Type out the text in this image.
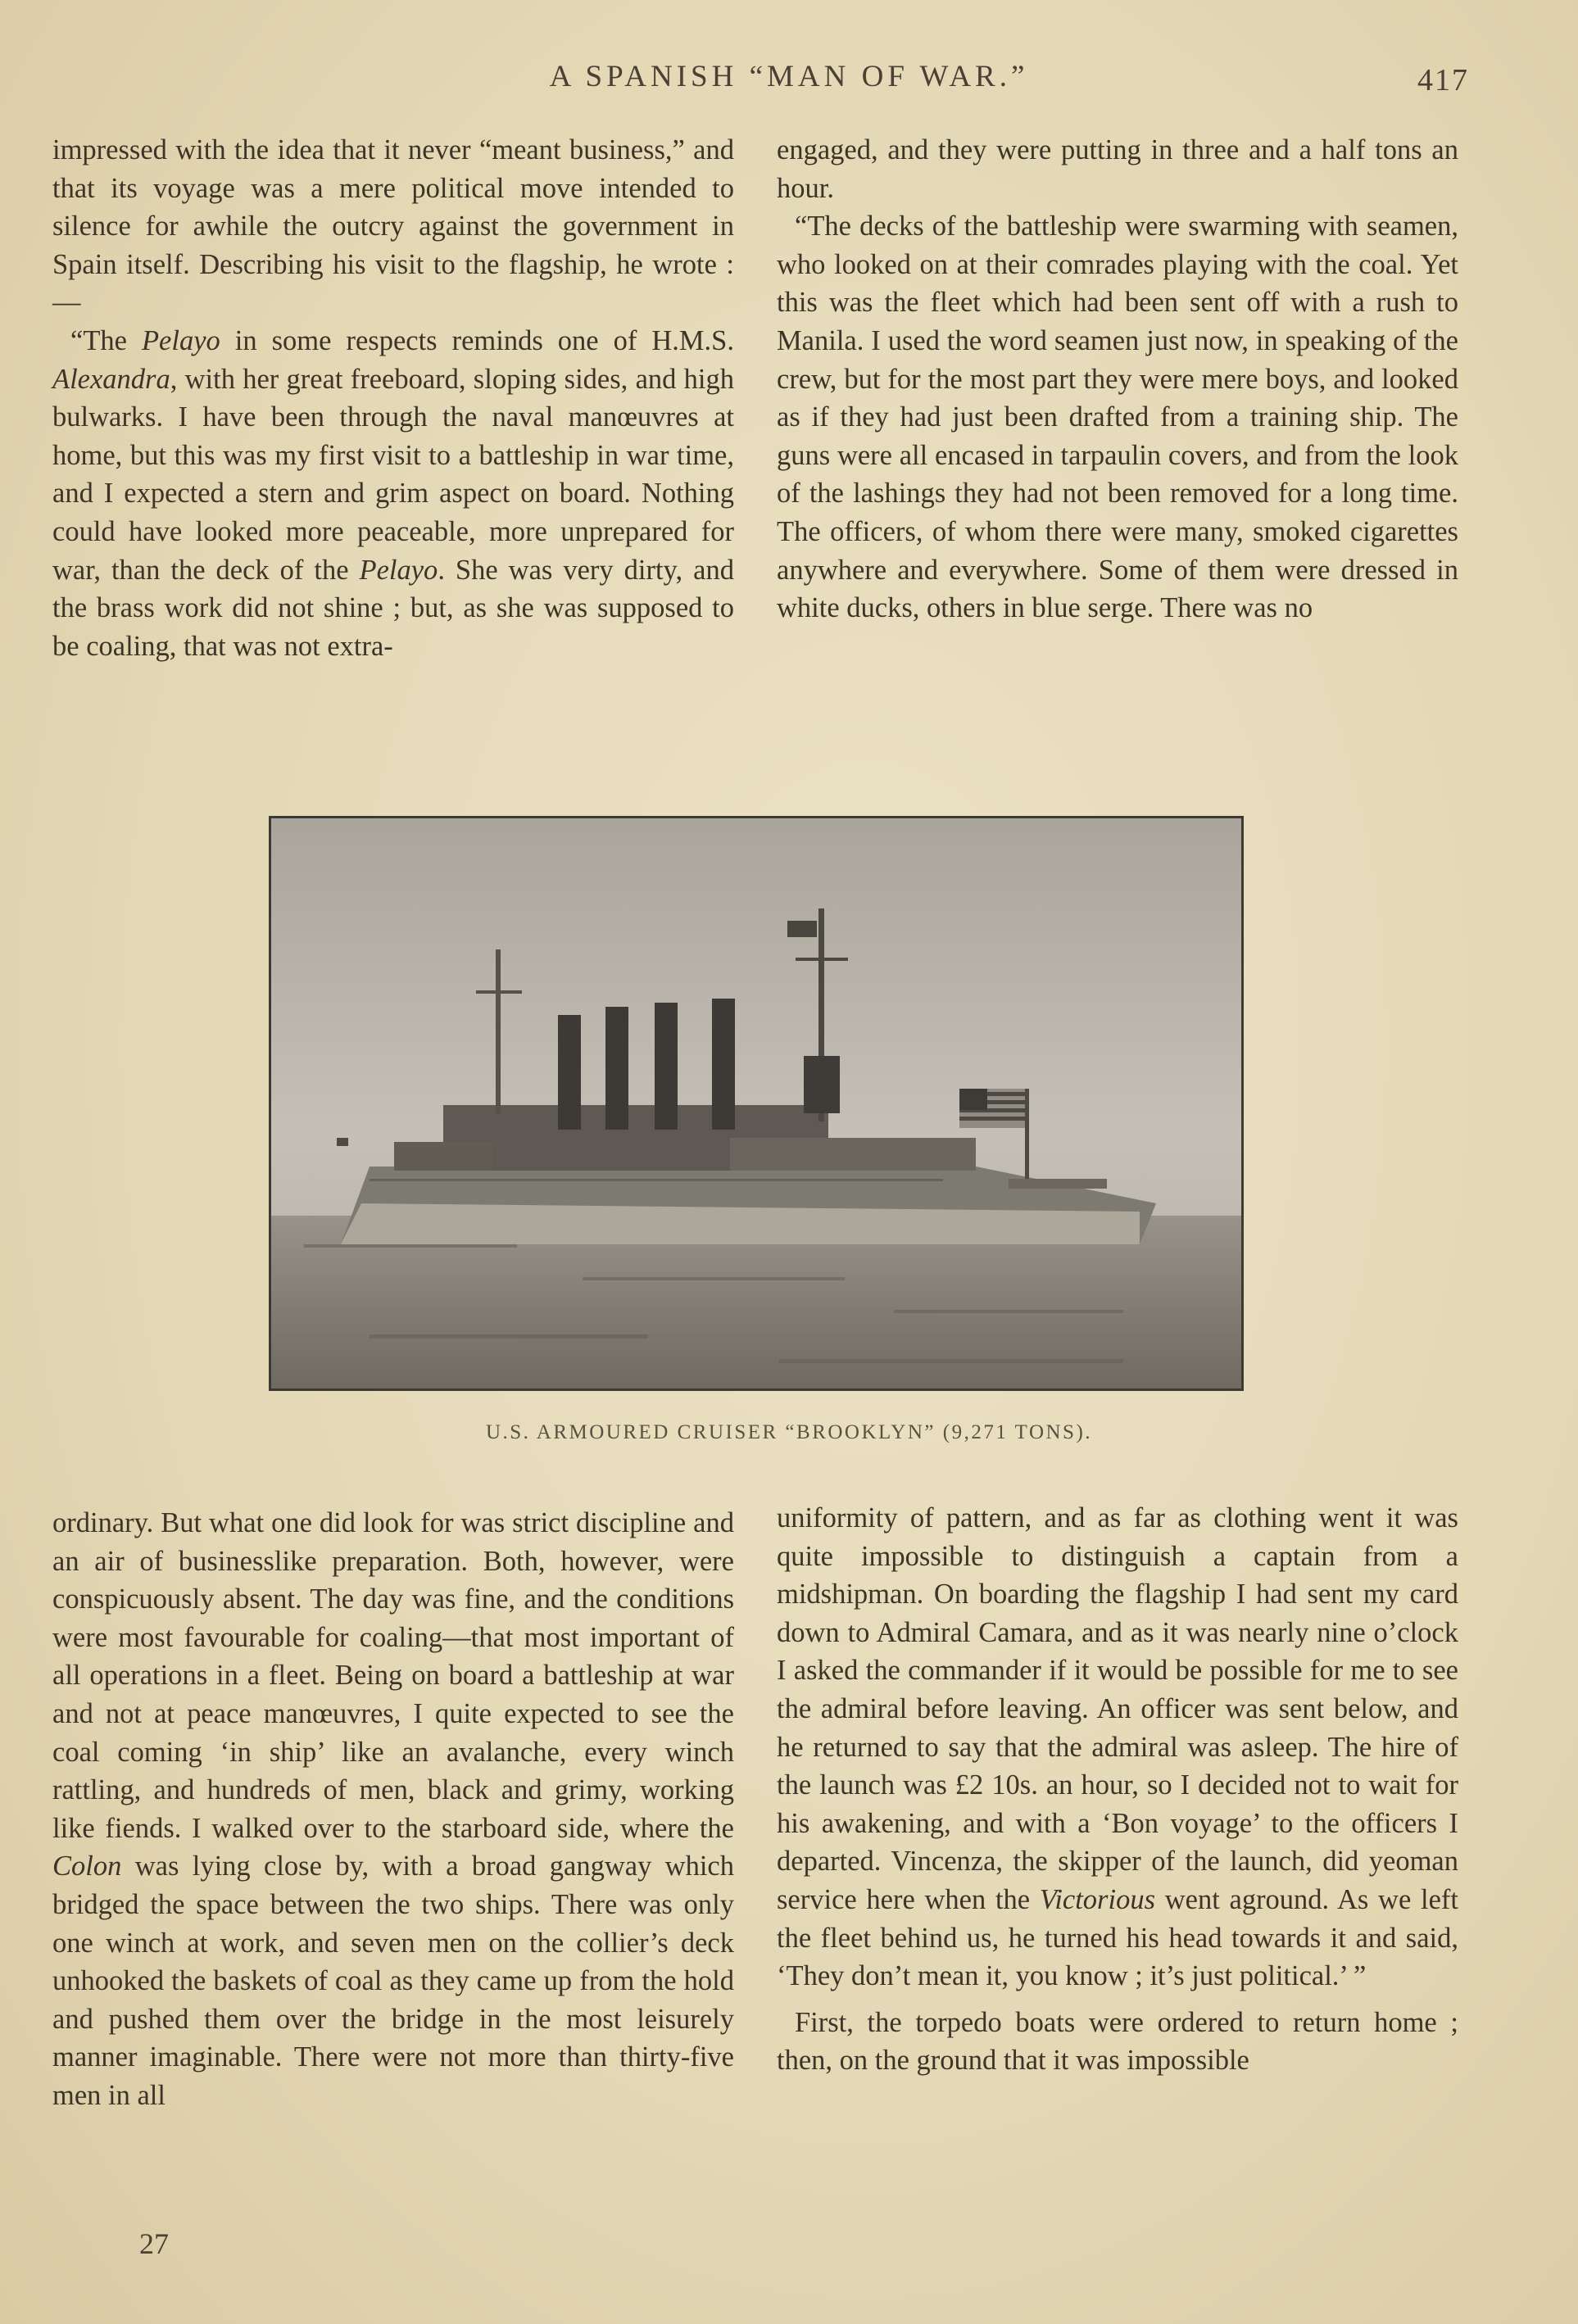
A SPANISH “MAN OF WAR.”	417

impressed with the idea that it never “meant business,” and that its voyage was a mere political move intended to silence for awhile the outcry against the government in Spain itself. Describing his visit to the flagship, he wrote :—

“The Pelayo in some respects reminds one of H.M.S. Alexandra, with her great freeboard, sloping sides, and high bulwarks. I have been through the naval manœuvres at home, but this was my first visit to a battleship in war time, and I expected a stern and grim aspect on board. Nothing could have looked more peaceable, more unprepared for war, than the deck of the Pelayo. She was very dirty, and the brass work did not shine ; but, as she was supposed to be coaling, that was not extra-

engaged, and they were putting in three and a half tons an hour.

“The decks of the battleship were swarming with seamen, who looked on at their comrades playing with the coal. Yet this was the fleet which had been sent off with a rush to Manila. I used the word seamen just now, in speaking of the crew, but for the most part they were mere boys, and looked as if they had just been drafted from a training ship. The guns were all encased in tarpaulin covers, and from the look of the lashings they had not been removed for a long time. The officers, of whom there were many, smoked cigarettes anywhere and everywhere. Some of them were dressed in white ducks, others in blue serge. There was no

U.S. ARMOURED CRUISER “BROOKLYN” (9,271 TONS).

ordinary. But what one did look for was strict discipline and an air of businesslike preparation. Both, however, were conspicuously absent. The day was fine, and the conditions were most favourable for coaling—that most important of all operations in a fleet. Being on board a battleship at war and not at peace manœuvres, I quite expected to see the coal coming ‘in ship’ like an avalanche, every winch rattling, and hundreds of men, black and grimy, working like fiends. I walked over to the starboard side, where the Colon was lying close by, with a broad gangway which bridged the space between the two ships. There was only one winch at work, and seven men on the collier’s deck unhooked the baskets of coal as they came up from the hold and pushed them over the bridge in the most leisurely manner imaginable. There were not more than thirty-five men in all

uniformity of pattern, and as far as clothing went it was quite impossible to distinguish a captain from a midshipman. On boarding the flagship I had sent my card down to Admiral Camara, and as it was nearly nine o’clock I asked the commander if it would be possible for me to see the admiral before leaving. An officer was sent below, and he returned to say that the admiral was asleep. The hire of the launch was £2 10s. an hour, so I decided not to wait for his awakening, and with a ‘Bon voyage’ to the officers I departed. Vincenza, the skipper of the launch, did yeoman service here when the Victorious went aground. As we left the fleet behind us, he turned his head towards it and said, ‘They don’t mean it, you know ; it’s just political.’ ”

First, the torpedo boats were ordered to return home ; then, on the ground that it was impossible

27
